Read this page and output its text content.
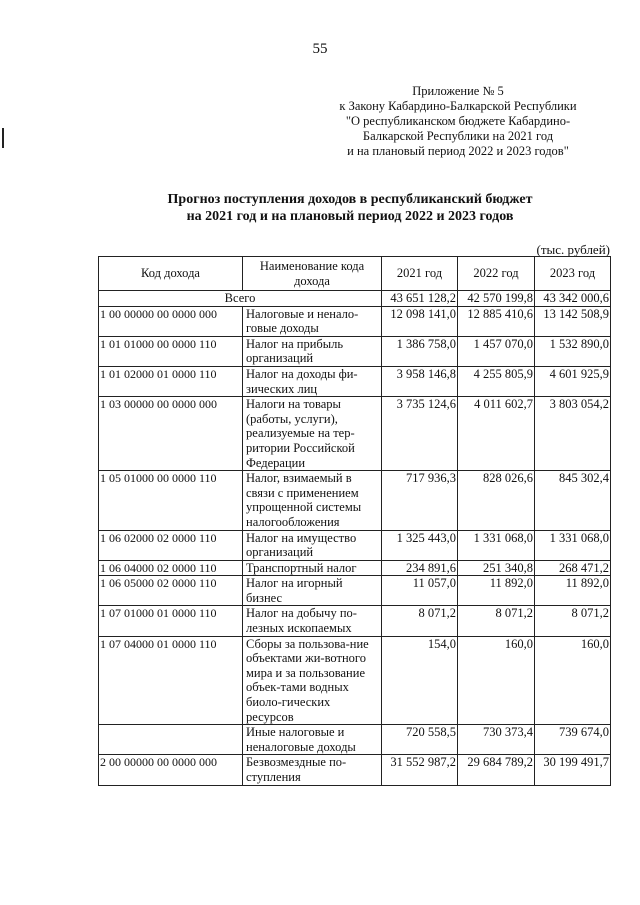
55
Приложение № 5
к Закону Кабардино-Балкарской Республики
"О республиканском бюджете Кабардино-
Балкарской Республики на 2021 год
и на плановый период 2022 и 2023 годов"
Прогноз поступления доходов в республиканский бюджет
на 2021 год и на плановый период 2022 и 2023 годов
(тыс. рублей)
Код дохода	Наименование кода дохода	2021 год	2022 год	2023 год
Всего		43 651 128,2	42 570 199,8	43 342 000,6
1 00 00000 00 0000 000	Налоговые и ненало-говые доходы	12 098 141,0	12 885 410,6	13 142 508,9
1 01 01000 00 0000 110	Налог на прибыль организаций	1 386 758,0	1 457 070,0	1 532 890,0
1 01 02000 01 0000 110	Налог на доходы фи-зических лиц	3 958 146,8	4 255 805,9	4 601 925,9
1 03 00000 00 0000 000	Налоги на товары (работы, услуги), реализуемые на тер-ритории Российской Федерации	3 735 124,6	4 011 602,7	3 803 054,2
1 05 01000 00 0000 110	Налог, взимаемый в связи с применением упрощенной системы налогообложения	717 936,3	828 026,6	845 302,4
1 06 02000 02 0000 110	Налог на имущество организаций	1 325 443,0	1 331 068,0	1 331 068,0
1 06 04000 02 0000 110	Транспортный налог	234 891,6	251 340,8	268 471,2
1 06 05000 02 0000 110	Налог на игорный бизнес	11 057,0	11 892,0	11 892,0
1 07 01000 01 0000 110	Налог на добычу по-лезных ископаемых	8 071,2	8 071,2	8 071,2
1 07 04000 01 0000 110	Сборы за пользова-ние объектами жи-вотного мира и за пользование объек-тами водных биоло-гических ресурсов	154,0	160,0	160,0
	Иные налоговые и неналоговые доходы	720 558,5	730 373,4	739 674,0
2 00 00000 00 0000 000	Безвозмездные по-ступления	31 552 987,2	29 684 789,2	30 199 491,7
